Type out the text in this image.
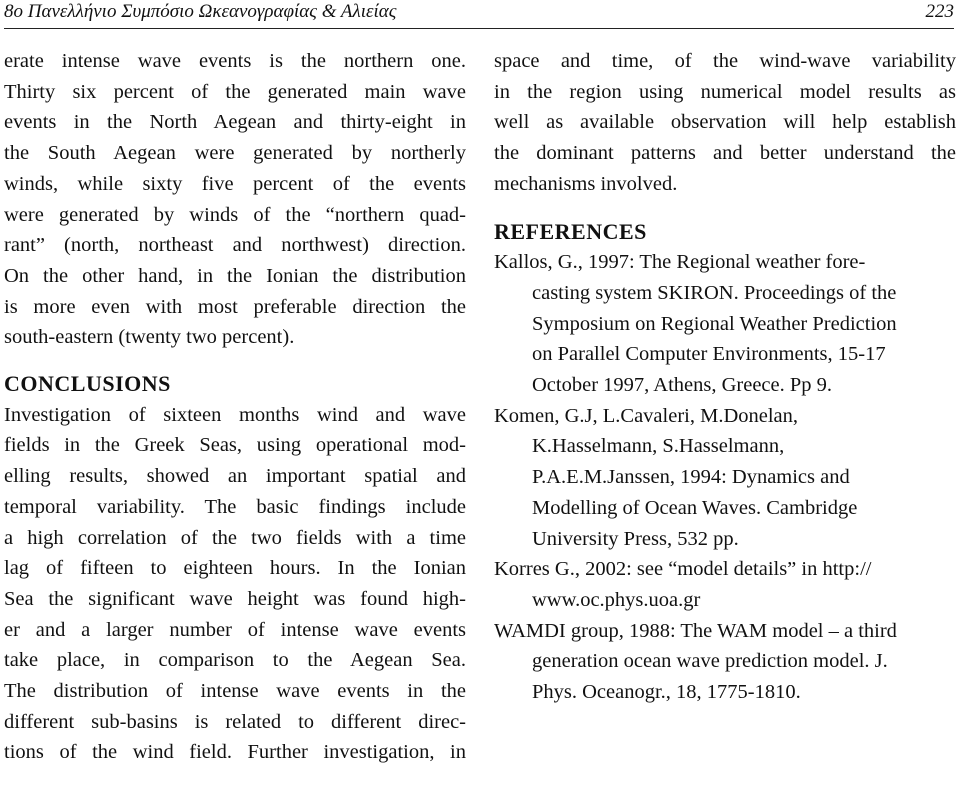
8ο Πανελλήνιο Συμπόσιο Ωκεανογραφίας & Αλιείας	223
erate intense wave events is the northern one.
Thirty six percent of the generated main wave
events in the North Aegean and thirty-eight in
the South Aegean were generated by northerly
winds, while sixty five percent of the events
were generated by winds of the “northern quad-
rant” (north, northeast and northwest) direction.
On the other hand, in the Ionian the distribution
is more even with most preferable direction the
south-eastern (twenty two percent).
CONCLUSIONS
Investigation of sixteen months wind and wave
fields in the Greek Seas, using operational mod-
elling results, showed an important spatial and
temporal variability. The basic findings include
a high correlation of the two fields with a time
lag of fifteen to eighteen hours. In the Ionian
Sea the significant wave height was found high-
er and a larger number of intense wave events
take place, in comparison to the Aegean Sea.
The distribution of intense wave events in the
different sub-basins is related to different direc-
tions of the wind field. Further investigation, in
space and time, of the wind-wave variability
in the region using numerical model results as
well as available observation will help establish
the dominant patterns and better understand the
mechanisms involved.
REFERENCES
Kallos, G., 1997: The Regional weather fore-
casting system SKIRON. Proceedings of the
Symposium on Regional Weather Prediction
on Parallel Computer Environments, 15-17
October 1997, Athens, Greece. Pp 9.
Komen, G.J, L.Cavaleri, M.Donelan,
K.Hasselmann, S.Hasselmann,
P.A.E.M.Janssen, 1994: Dynamics and
Modelling of Ocean Waves. Cambridge
University Press, 532 pp.
Korres G., 2002: see “model details” in http://
www.oc.phys.uoa.gr
WAMDI group, 1988: The WAM model – a third
generation ocean wave prediction model. J.
Phys. Oceanogr., 18, 1775-1810.
